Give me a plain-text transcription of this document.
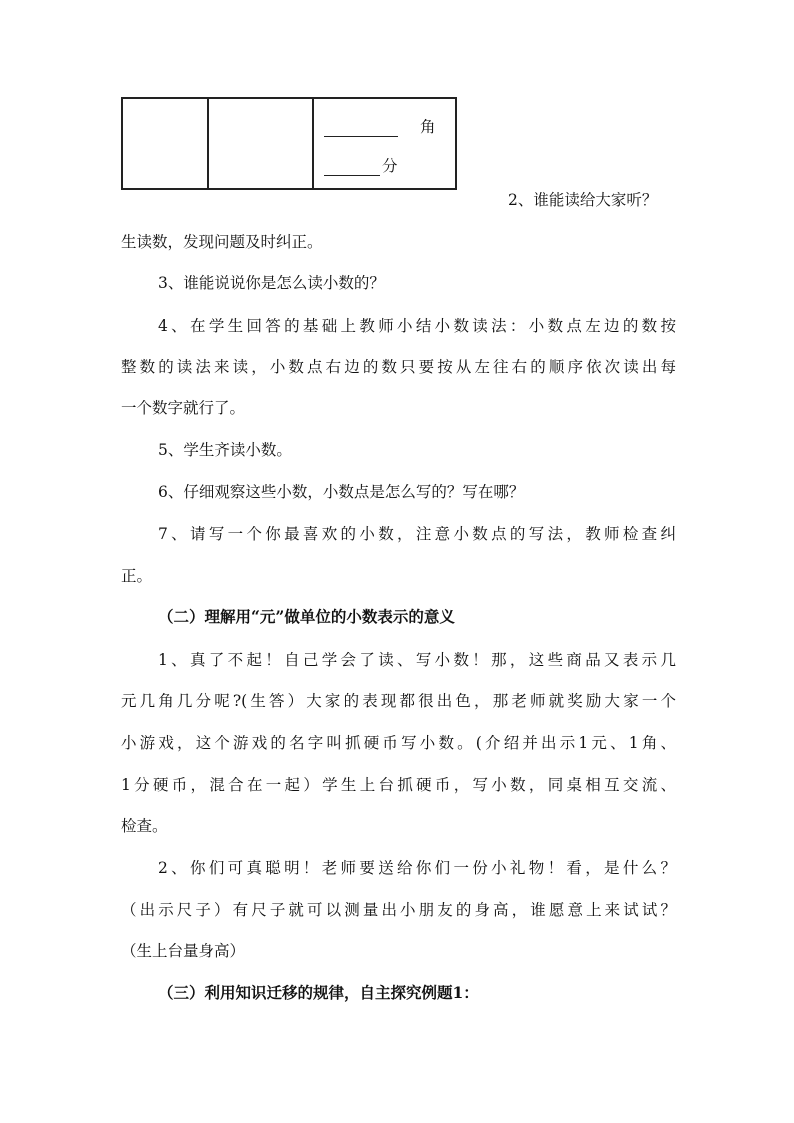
角
分
2、谁能读给大家听？
生读数，发现问题及时纠正。
3、谁能说说你是怎么读小数的？
4、在学生回答的基础上教师小结小数读法：小数点左边的数按
整数的读法来读，小数点右边的数只要按从左往右的顺序依次读出每
一个数字就行了。
5、学生齐读小数。
6、仔细观察这些小数，小数点是怎么写的？写在哪？
7、请写一个你最喜欢的小数，注意小数点的写法，教师检查纠
正。
（二）理解用“元”做单位的小数表示的意义
1、真了不起！自己学会了读、写小数！那，这些商品又表示几
元几角几分呢?(生答）大家的表现都很出色，那老师就奖励大家一个
小游戏，这个游戏的名字叫抓硬币写小数。(介绍并出示1元、1角、
1分硬币，混合在一起）学生上台抓硬币，写小数，同桌相互交流、
检查。
2、你们可真聪明！老师要送给你们一份小礼物！看，是什么？
（出示尺子）有尺子就可以测量出小朋友的身高，谁愿意上来试试？
（生上台量身高）
（三）利用知识迁移的规律，自主探究例题1：
